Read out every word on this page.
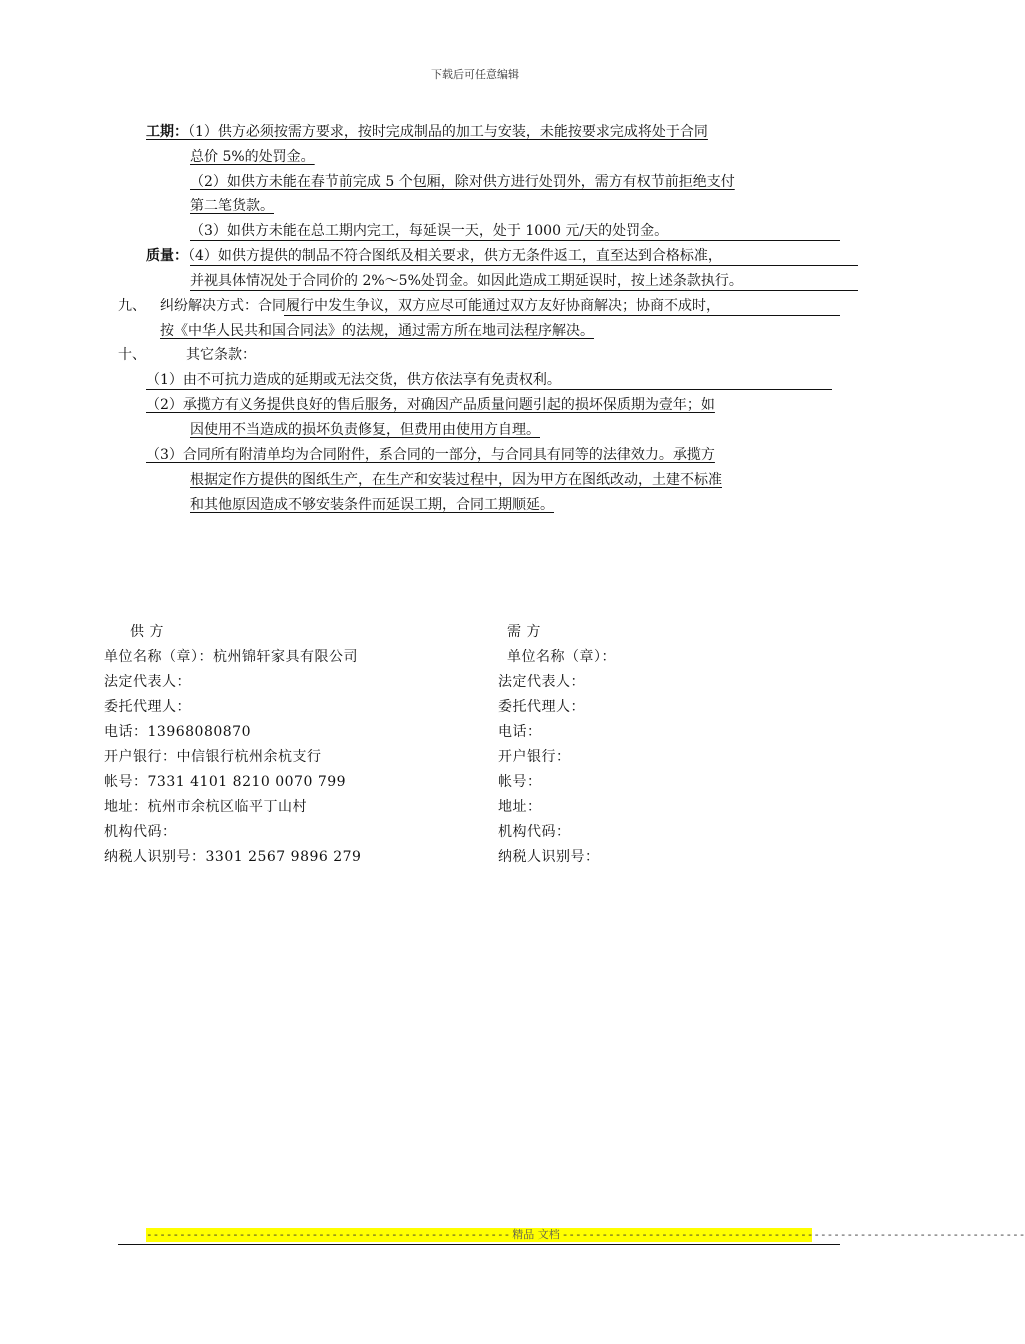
下载后可任意编辑
工期：（1）供方必须按需方要求，按时完成制品的加工与安装，未能按要求完成将处于合同
总价 5%的处罚金。
（2）如供方未能在春节前完成 5 个包厢，除对供方进行处罚外，需方有权节前拒绝支付
第二笔货款。
（3）如供方未能在总工期内完工，每延误一天，处于 1000 元/天的处罚金。
质量：（4）如供方提供的制品不符合图纸及相关要求，供方无条件返工，直至达到合格标准，
并视具体情况处于合同价的 2%～5%处罚金。如因此造成工期延误时，按上述条款执行。
九、 纠纷解决方式：合同履行中发生争议，双方应尽可能通过双方友好协商解决；协商不成时，
按《中华人民共和国合同法》的法规，通过需方所在地司法程序解决。
十、	其它条款：
（1）由不可抗力造成的延期或无法交货，供方依法享有免责权利。
（2）承揽方有义务提供良好的售后服务，对确因产品质量问题引起的损坏保质期为壹年；如
因使用不当造成的损坏负责修复，但费用由使用方自理。
（3）合同所有附清单均为合同附件，系合同的一部分，与合同具有同等的法律效力。承揽方
根据定作方提供的图纸生产，在生产和安装过程中，因为甲方在图纸改动，土建不标准
和其他原因造成不够安装条件而延误工期，合同工期顺延。
供 方
单位名称（章）：杭州锦轩家具有限公司
法定代表人：
委托代理人：
电话：13968080870
开户银行：中信银行杭州余杭支行
帐号：7331 4101 8210 0070 799
地址：杭州市余杭区临平丁山村
机构代码：
纳税人识别号：3301 2567 9896 279
需 方
单位名称（章）：
法定代表人：
委托代理人：
电话：
开户银行：
帐号：
地址：
机构代码：
纳税人识别号：
------------------------------------------------------- 精品 文档 ----------------------------------------------------------------------
